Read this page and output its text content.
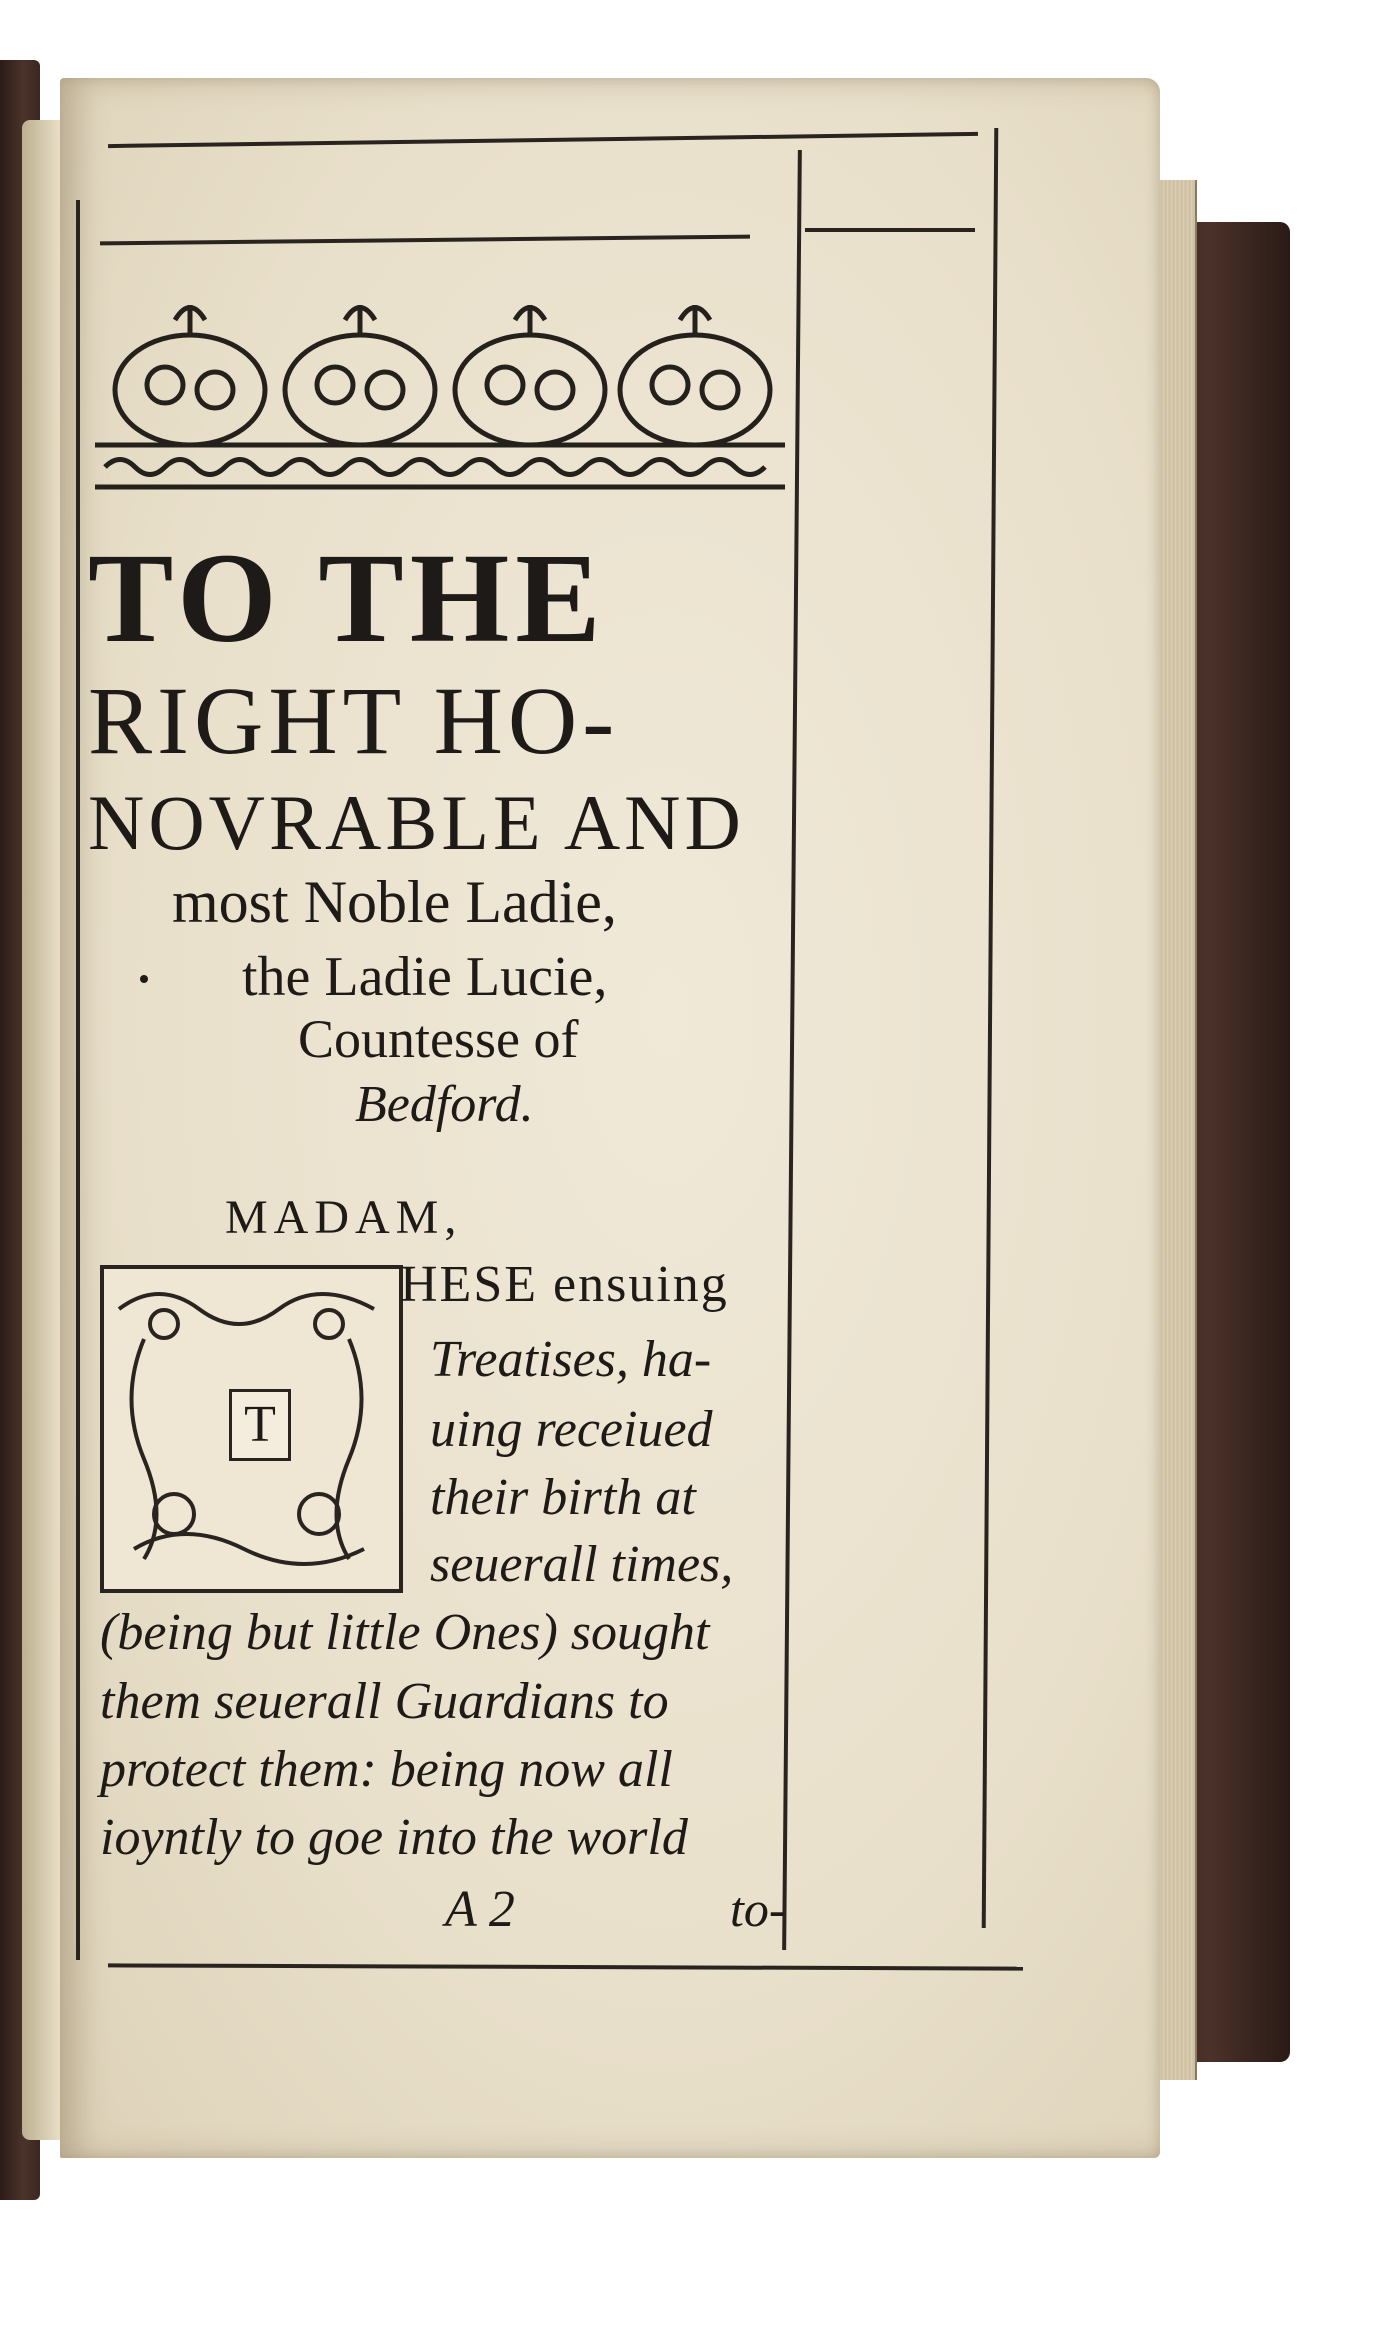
TO THE

RIGHT HO-

NOVRABLE AND

most Noble Ladie,

the Ladie Lucie,

Countesse of

Bedford.

MADAM,

T

HESE ensuing

Treatises, ha-

uing receiued

their birth at

seuerall times,

(being but little Ones) sought

them seuerall Guardians to

protect them: being now all

ioyntly to goe into the world

A 2	to-
